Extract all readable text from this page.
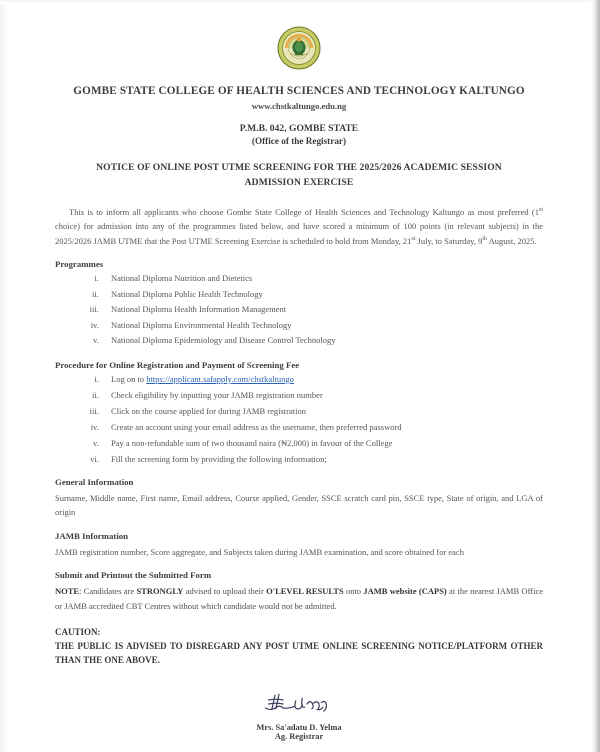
GOMBE STATE COLLEGE OF HEALTH SCIENCES AND TECHNOLOGY KALTUNGO
www.chstkaltungo.edu.ng
P.M.B. 042, GOMBE STATE
(Office of the Registrar)
NOTICE OF ONLINE POST UTME SCREENING FOR THE 2025/2026 ACADEMIC SESSION
ADMISSION EXERCISE
This is to inform all applicants who choose Gombe State College of Health Sciences and Technology Kaltungo as most preferred (1st choice) for admission into any of the programmes listed below, and have scored a minimum of 100 points (in relevant subjects) in the 2025/2026 JAMB UTME that the Post UTME Screening Exercise is scheduled to hold from Monday, 21st July, to Saturday, 9th August, 2025.
Programmes
i. National Diploma Nutrition and Dietetics
ii. National Diploma Public Health Technology
iii. National Diploma Health Information Management
iv. National Diploma Environmental Health Technology
v. National Diploma Epidemiology and Disease Control Technology
Procedure for Online Registration and Payment of Screening Fee
i. Log on to https://applicant.safapply.com/chstkaltungo
ii. Check eligibility by inputting your JAMB registration number
iii. Click on the course applied for during JAMB registration
iv. Create an account using your email address as the username, then preferred password
v. Pay a non-refundable sum of two thousand naira (₦2,000) in favour of the College
vi. Fill the screening form by providing the following information;
General Information
Surname, Middle name, First name, Email address, Course applied, Gender, SSCE scratch card pin, SSCE type, State of origin, and LGA of origin
JAMB Information
JAMB registration number, Score aggregate, and Subjects taken during JAMB examination, and score obtained for each
Submit and Printout the Submitted Form
NOTE: Candidates are STRONGLY advised to upload their O'LEVEL RESULTS onto JAMB website (CAPS) at the nearest JAMB Office or JAMB accredited CBT Centres without which candidate would not be admitted.
CAUTION:
THE PUBLIC IS ADVISED TO DISREGARD ANY POST UTME ONLINE SCREENING NOTICE/PLATFORM OTHER THAN THE ONE ABOVE.
Mrs. Sa'adatu D. Yelma
Ag. Registrar
